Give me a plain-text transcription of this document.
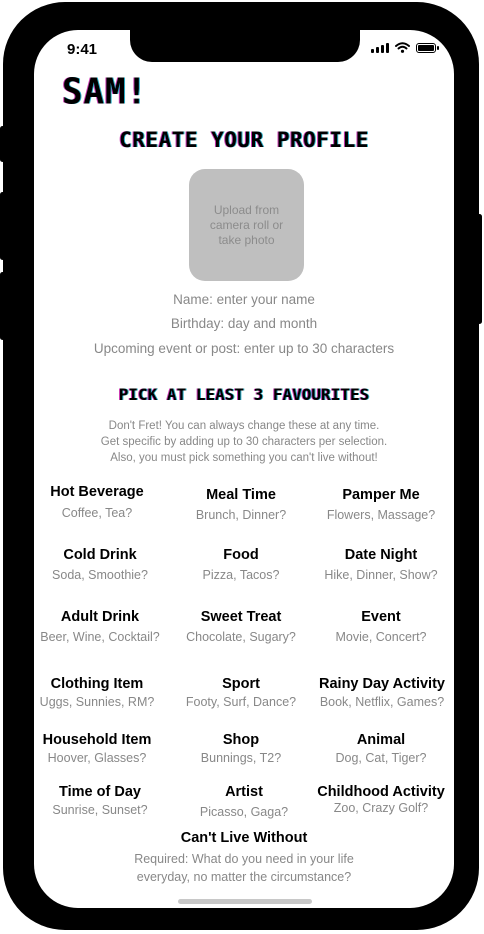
9:41
SAM!
CREATE YOUR PROFILE
Upload from camera roll or take photo
Name: enter your name
Birthday: day and month
Upcoming event or post: enter up to 30 characters
PICK AT LEAST 3 FAVOURITES
Don't Fret! You can always change these at any time.
Get specific by adding up to 30 characters per selection.
Also, you must pick something you can't live without!
Hot Beverage
Coffee, Tea?
Meal Time
Brunch, Dinner?
Pamper Me
Flowers, Massage?
Cold Drink
Soda, Smoothie?
Food
Pizza, Tacos?
Date Night
Hike, Dinner, Show?
Adult Drink
Beer, Wine, Cocktail?
Sweet Treat
Chocolate, Sugary?
Event
Movie, Concert?
Clothing Item
Uggs, Sunnies, RM?
Sport
Footy, Surf, Dance?
Rainy Day Activity
Book, Netflix, Games?
Household Item
Hoover, Glasses?
Shop
Bunnings, T2?
Animal
Dog, Cat, Tiger?
Time of Day
Sunrise, Sunset?
Artist
Picasso, Gaga?
Childhood Activity
Zoo, Crazy Golf?
Can't Live Without
Required: What do you need in your life
everyday, no matter the circumstance?
